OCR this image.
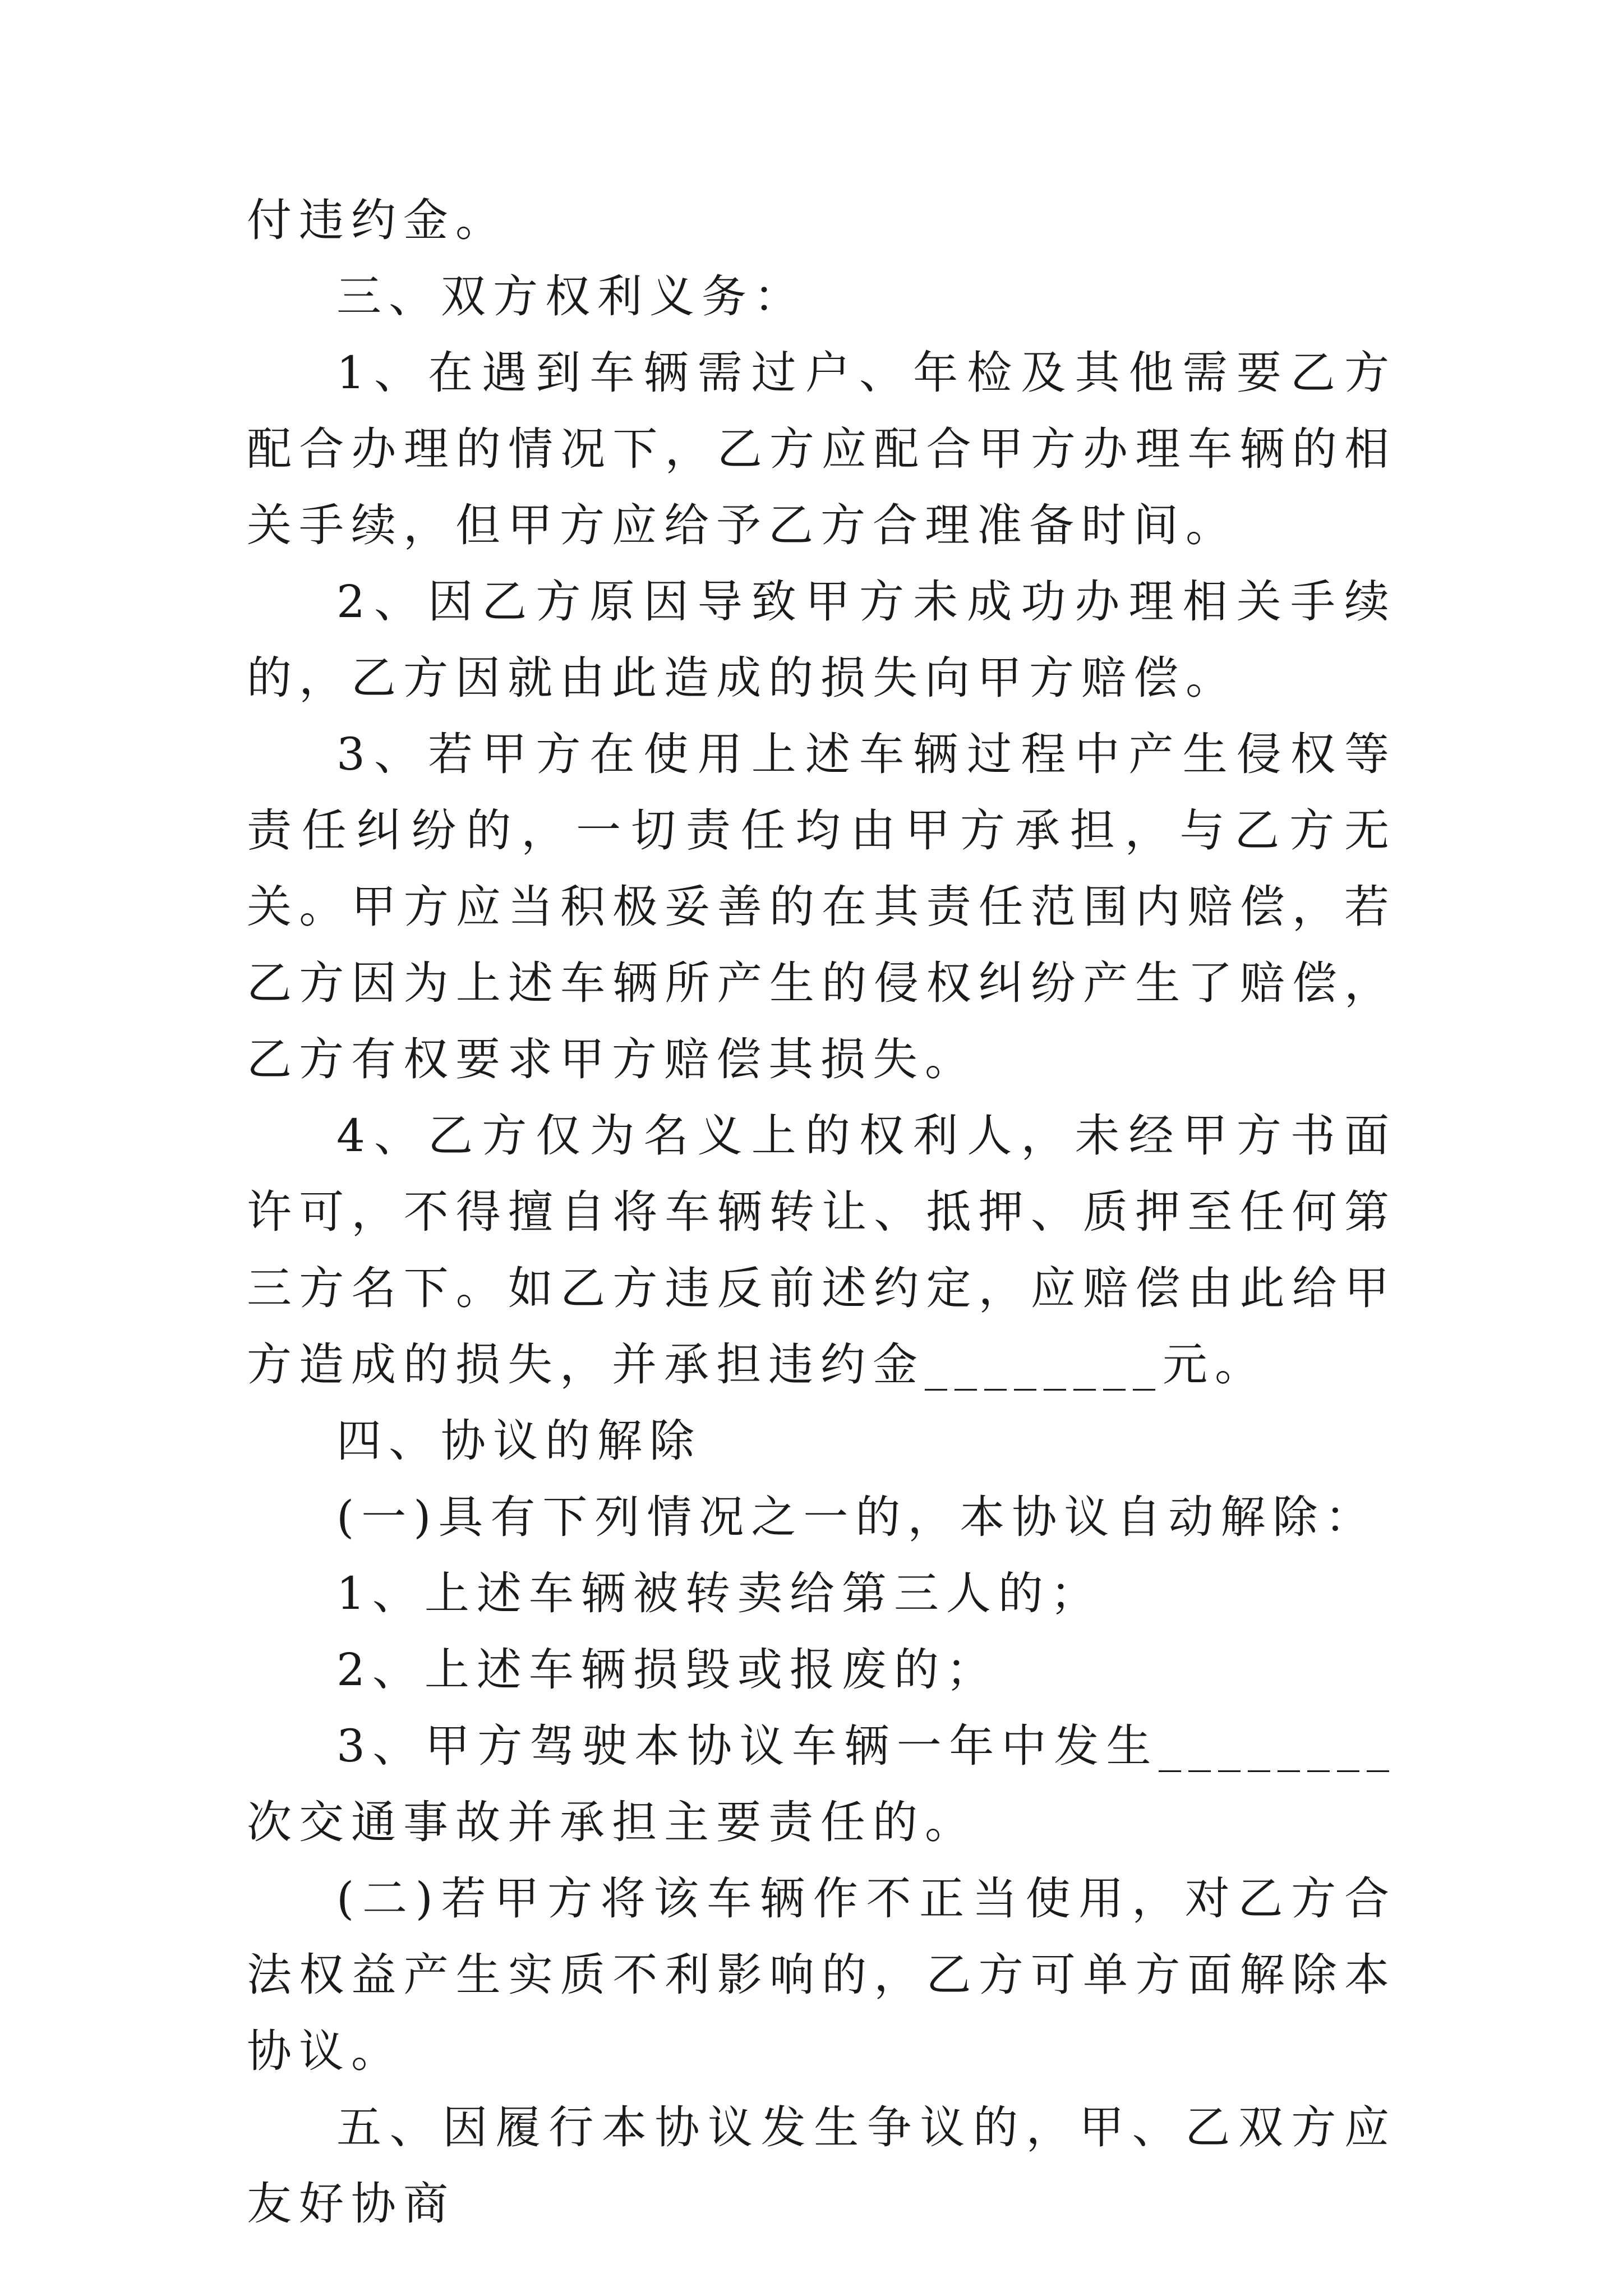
付违约金。

三、双方权利义务：

1、在遇到车辆需过户、年检及其他需要乙方配合办理的情况下，乙方应配合甲方办理车辆的相关手续，但甲方应给予乙方合理准备时间。

2、因乙方原因导致甲方未成功办理相关手续的，乙方因就由此造成的损失向甲方赔偿。

3、若甲方在使用上述车辆过程中产生侵权等责任纠纷的，一切责任均由甲方承担，与乙方无关。甲方应当积极妥善的在其责任范围内赔偿，若乙方因为上述车辆所产生的侵权纠纷产生了赔偿，乙方有权要求甲方赔偿其损失。

4、乙方仅为名义上的权利人，未经甲方书面许可，不得擅自将车辆转让、抵押、质押至任何第三方名下。如乙方违反前述约定，应赔偿由此给甲方造成的损失，并承担违约金________元。

四、协议的解除

(一)具有下列情况之一的，本协议自动解除：

1、上述车辆被转卖给第三人的；

2、上述车辆损毁或报废的；

3、甲方驾驶本协议车辆一年中发生________次交通事故并承担主要责任的。

(二)若甲方将该车辆作不正当使用，对乙方合法权益产生实质不利影响的，乙方可单方面解除本协议。

五、因履行本协议发生争议的，甲、乙双方应友好协商
